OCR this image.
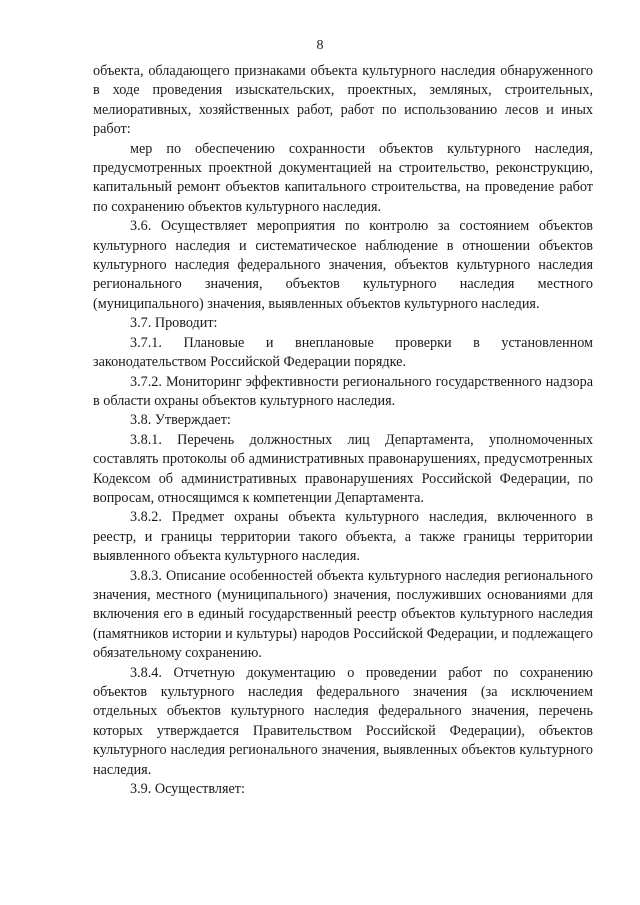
8

объекта, обладающего признаками объекта культурного наследия обнаруженного в ходе проведения изыскательских, проектных, земляных, строительных, мелиоративных, хозяйственных работ, работ по использованию лесов и иных работ:

мер по обеспечению сохранности объектов культурного наследия, предусмотренных проектной документацией на строительство, реконструкцию, капитальный ремонт объектов капитального строительства, на проведение работ по сохранению объектов культурного наследия.

3.6. Осуществляет мероприятия по контролю за состоянием объектов культурного наследия и систематическое наблюдение в отношении объектов культурного наследия федерального значения, объектов культурного наследия регионального значения, объектов культурного наследия местного (муниципального) значения, выявленных объектов культурного наследия.

3.7. Проводит:

3.7.1. Плановые и внеплановые проверки в установленном законодательством Российской Федерации порядке.

3.7.2. Мониторинг эффективности регионального государственного надзора в области охраны объектов культурного наследия.

3.8. Утверждает:

3.8.1. Перечень должностных лиц Департамента, уполномоченных составлять протоколы об административных правонарушениях, предусмотренных Кодексом об административных правонарушениях Российской Федерации, по вопросам, относящимся к компетенции Департамента.

3.8.2. Предмет охраны объекта культурного наследия, включенного в реестр, и границы территории такого объекта, а также границы территории выявленного объекта культурного наследия.

3.8.3. Описание особенностей объекта культурного наследия регионального значения, местного (муниципального) значения, послуживших основаниями для включения его в единый государственный реестр объектов культурного наследия (памятников истории и культуры) народов Российской Федерации, и подлежащего обязательному сохранению.

3.8.4. Отчетную документацию о проведении работ по сохранению объектов культурного наследия федерального значения (за исключением отдельных объектов культурного наследия федерального значения, перечень которых утверждается Правительством Российской Федерации), объектов культурного наследия регионального значения, выявленных объектов культурного наследия.

3.9. Осуществляет:
